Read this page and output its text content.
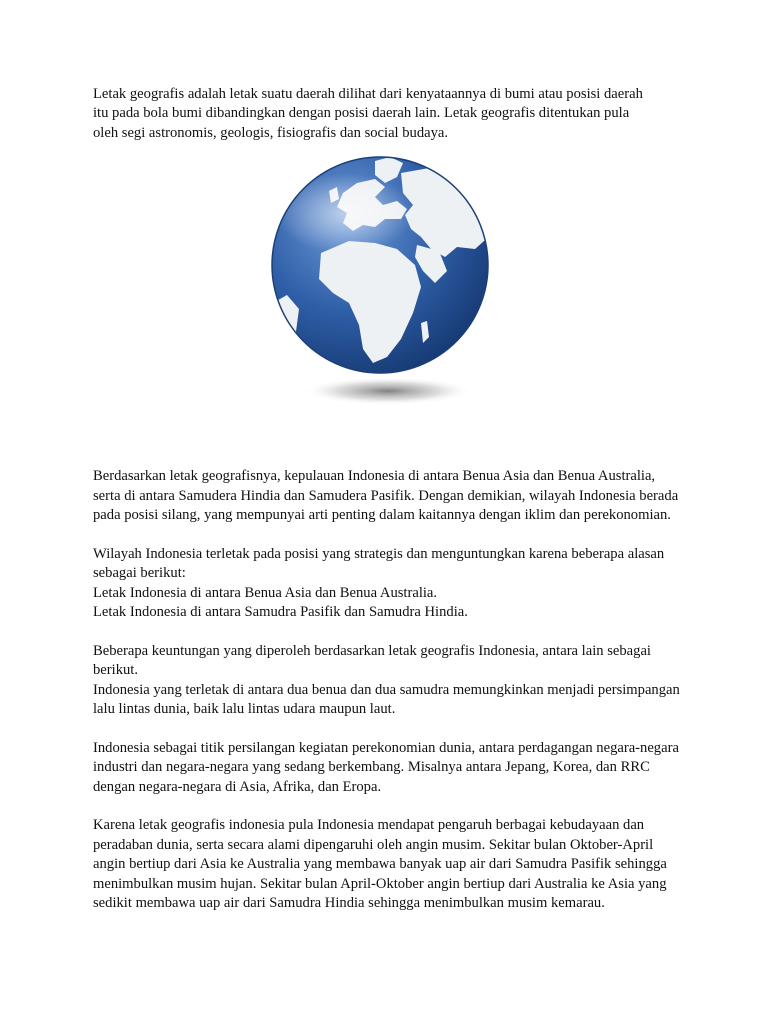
Letak geografis adalah letak suatu daerah dilihat dari kenyataannya di bumi atau posisi daerah itu pada bola bumi dibandingkan dengan posisi daerah lain. Letak geografis ditentukan pula oleh segi astronomis, geologis, fisiografis dan social budaya.

Berdasarkan letak geografisnya, kepulauan Indonesia di antara Benua Asia dan Benua Australia, serta di antara Samudera Hindia dan Samudera Pasifik. Dengan demikian, wilayah Indonesia berada pada posisi silang, yang mempunyai arti penting dalam kaitannya dengan iklim dan perekonomian.

Wilayah Indonesia terletak pada posisi yang strategis dan menguntungkan karena beberapa alasan sebagai berikut:

Letak Indonesia di antara Benua Asia dan Benua Australia.

Letak Indonesia di antara Samudra Pasifik dan Samudra Hindia.

Beberapa keuntungan yang diperoleh berdasarkan letak geografis Indonesia, antara lain sebagai berikut.

Indonesia yang terletak di antara dua benua dan dua samudra memungkinkan menjadi persimpangan lalu lintas dunia, baik lalu lintas udara maupun laut.

Indonesia sebagai titik persilangan kegiatan perekonomian dunia, antara perdagangan negara-negara industri dan negara-negara yang sedang berkembang. Misalnya antara Jepang, Korea, dan RRC dengan negara-negara di Asia, Afrika, dan Eropa.

Karena letak geografis indonesia pula Indonesia mendapat pengaruh berbagai kebudayaan dan peradaban dunia, serta secara alami dipengaruhi oleh angin musim. Sekitar bulan Oktober-April angin bertiup dari Asia ke Australia yang membawa banyak uap air dari Samudra Pasifik sehingga menimbulkan musim hujan. Sekitar bulan April-Oktober angin bertiup dari Australia ke Asia yang sedikit membawa uap air dari Samudra Hindia sehingga menimbulkan musim kemarau.
